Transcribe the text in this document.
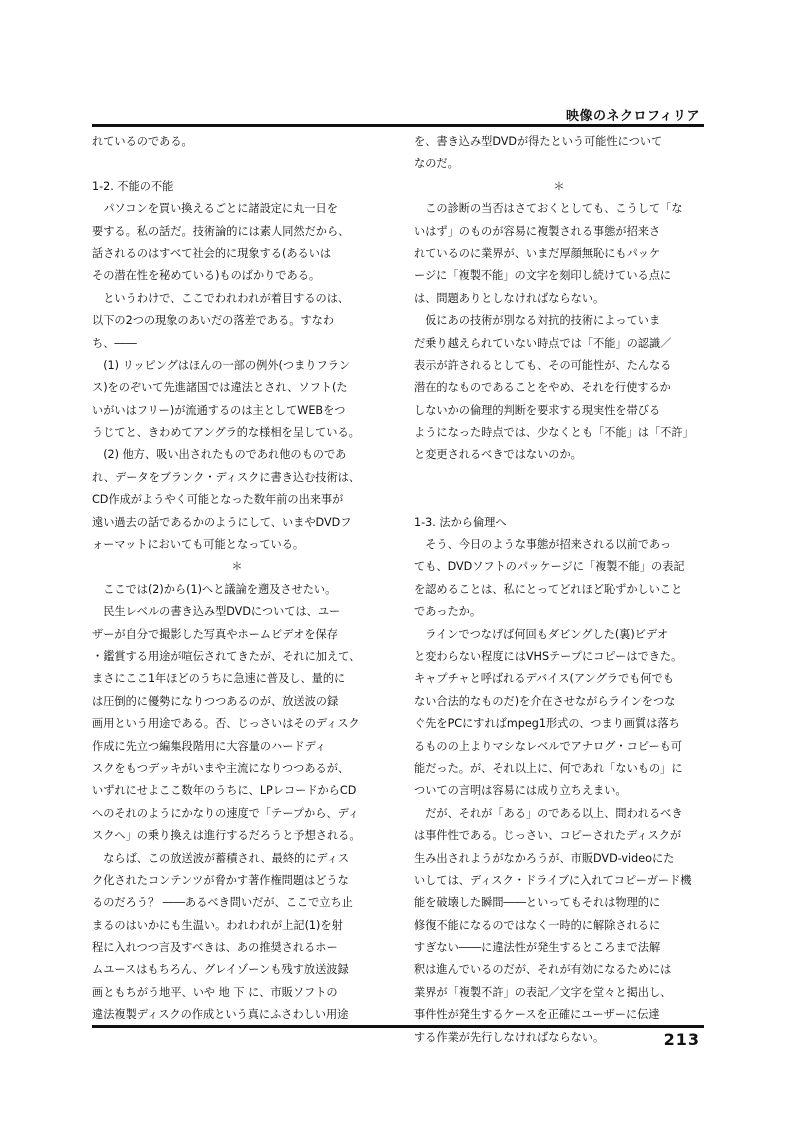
映像のネクロフィリア
れているのである。
1-2. 不能の不能
　パソコンを買い換えるごとに諸設定に丸一日を
要する。私の話だ。技術論的には素人同然だから、
話されるのはすべて社会的に現象する(あるいは
その潜在性を秘めている)ものばかりである。
　というわけで、ここでわれわれが着目するのは、
以下の2つの現象のあいだの落差である。すなわ
ち、――
　(1) リッピングはほんの一部の例外(つまりフラン
ス)をのぞいて先進諸国では違法とされ、ソフト(た
いがいはフリー)が流通するのは主としてWEBをつ
うじてと、きわめてアングラ的な様相を呈している。
　(2) 他方、吸い出されたものであれ他のものであ
れ、データをブランク・ディスクに書き込む技術は、
CD作成がようやく可能となった数年前の出来事が
遠い過去の話であるかのようにして、いまやDVDフ
ォーマットにおいても可能となっている。
＊
　ここでは(2)から(1)へと議論を遡及させたい。
　民生レベルの書き込み型DVDについては、ユー
ザーが自分で撮影した写真やホームビデオを保存
・鑑賞する用途が喧伝されてきたが、それに加えて、
まさにここ1年ほどのうちに急速に普及し、量的に
は圧倒的に優勢になりつつあるのが、放送波の録
画用という用途である。否、じっさいはそのディスク
作成に先立つ編集段階用に大容量のハードディ
スクをもつデッキがいまや主流になりつつあるが、
いずれにせよここ数年のうちに、LPレコードからCD
へのそれのようにかなりの速度で「テープから、ディ
スクへ」の乗り換えは進行するだろうと予想される。
　ならば、この放送波が蓄積され、最終的にディス
ク化されたコンテンツが脅かす著作権問題はどうな
るのだろう？ ――あるべき問いだが、ここで立ち止
まるのはいかにも生温い。われわれが上記(1)を射
程に入れつつ言及すべきは、あの推奨されるホー
ムユースはもちろん、グレイゾーンも残す放送波録
画ともちがう地平、いや 地 下 に、市販ソフトの
違法複製ディスクの作成という真にふさわしい用途
を、書き込み型DVDが得たという可能性について
なのだ。
＊
　この診断の当否はさておくとしても、こうして「な
いはず」のものが容易に複製される事態が招来さ
れているのに業界が、いまだ厚顔無恥にもパッケ
ージに「複製不能」の文字を刻印し続けている点に
は、問題ありとしなければならない。
　仮にあの技術が別なる対抗的技術によっていま
だ乗り越えられていない時点では「不能」の認識／
表示が許されるとしても、その可能性が、たんなる
潜在的なものであることをやめ、それを行使するか
しないかの倫理的判断を要求する現実性を帯びる
ようになった時点では、少なくとも「不能」は「不許」
と変更されるべきではないのか。
1-3. 法から倫理へ
　そう、今日のような事態が招来される以前であっ
ても、DVDソフトのパッケージに「複製不能」の表記
を認めることは、私にとってどれほど恥ずかしいこと
であったか。
　ラインでつなげば何回もダビングした(裏)ビデオ
と変わらない程度にはVHSテープにコピーはできた。
キャプチャと呼ばれるデバイス(アングラでも何でも
ない合法的なものだ)を介在させながらラインをつな
ぐ先をPCにすればmpeg1形式の、つまり画質は落ち
るものの上よりマシなレベルでアナログ・コピーも可
能だった。が、それ以上に、何であれ「ないもの」に
ついての言明は容易には成り立ちえまい。
　だが、それが「ある」のである以上、問われるべき
は事件性である。じっさい、コピーされたディスクが
生み出されようがなかろうが、市販DVD-videoにた
いしては、ディスク・ドライブに入れてコピーガード機
能を破壊した瞬間――といってもそれは物理的に
修復不能になるのではなく一時的に解除されるに
すぎない――に違法性が発生するところまで法解
釈は進んでいるのだが、それが有効になるためには
業界が「複製不許」の表記／文字を堂々と掲出し、
事件性が発生するケースを正確にユーザーに伝達
する作業が先行しなければならない。	213
